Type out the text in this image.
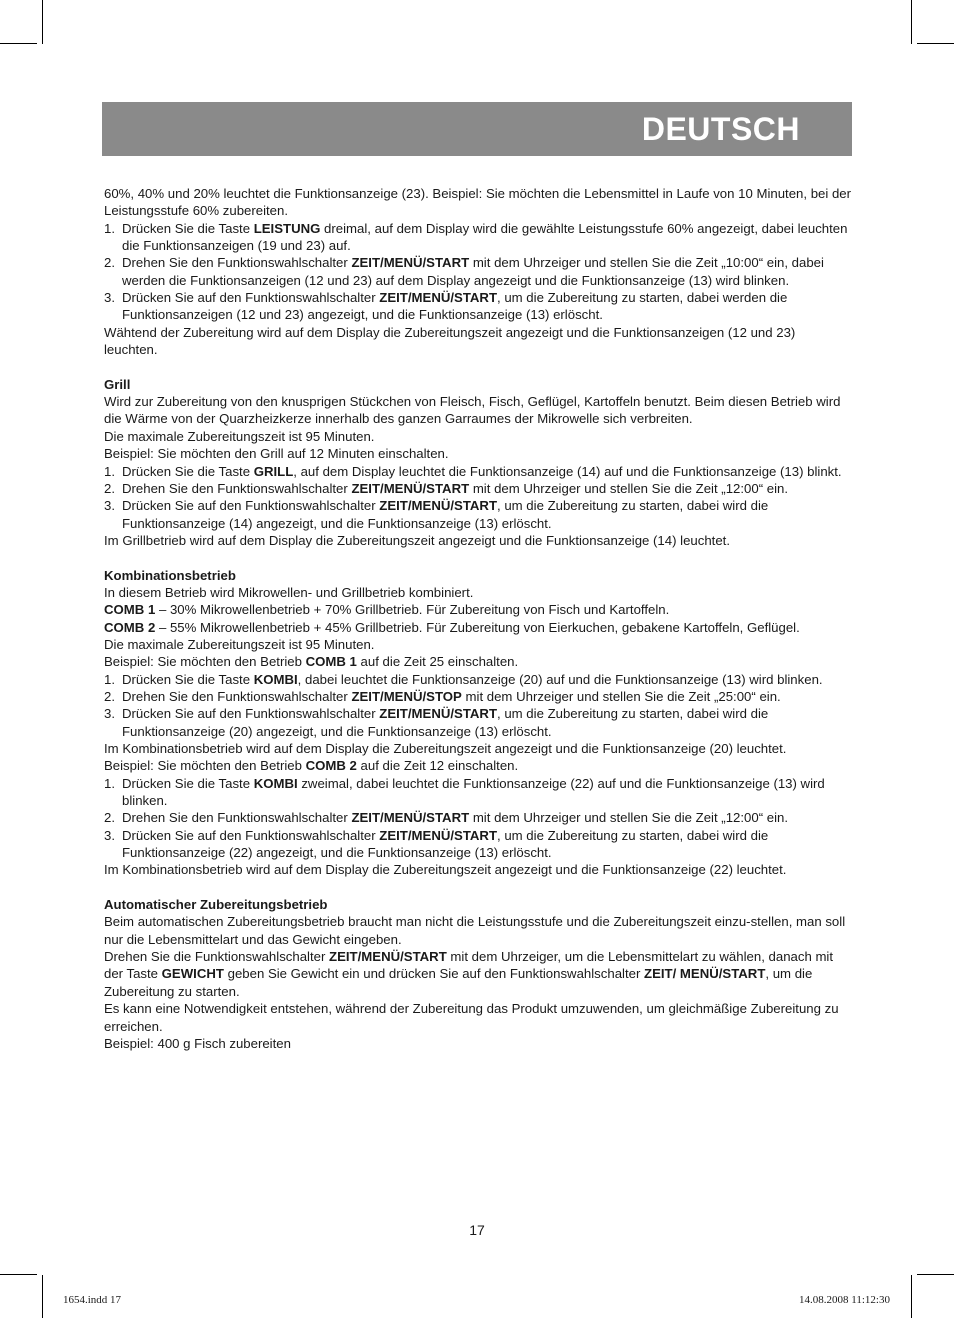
DEUTSCH

60%, 40% und 20% leuchtet die Funktionsanzeige (23). Beispiel: Sie möchten die Lebensmittel in Laufe von 10 Minuten, bei der Leistungsstufe 60% zubereiten.

1. Drücken Sie die Taste LEISTUNG dreimal, auf dem Display wird die gewählte Leistungsstufe 60% angezeigt, dabei leuchten die Funktionsanzeigen (19 und 23) auf.
2. Drehen Sie den Funktionswahlschalter ZEIT/MENÜ/START mit dem Uhrzeiger und stellen Sie die Zeit „10:00“ ein, dabei werden die Funktionsanzeigen (12 und 23) auf dem Display angezeigt und die Funktionsanzeige (13) wird blinken.
3. Drücken Sie auf den Funktionswahlschalter ZEIT/MENÜ/START, um die Zubereitung zu starten, dabei werden die Funktionsanzeigen (12 und 23) angezeigt, und die Funktionsanzeige (13) erlöscht.

Wähtend der Zubereitung wird auf dem Display die Zubereitungszeit angezeigt und die Funktionsanzeigen (12 und 23) leuchten.

Grill

Wird zur Zubereitung von den knusprigen Stückchen von Fleisch, Fisch, Geflügel, Kartoffeln benutzt. Beim diesen Betrieb wird die Wärme von der Quarzheizkerze innerhalb des ganzen Garraumes der Mikrowelle sich verbreiten.

Die maximale Zubereitungszeit ist 95 Minuten.

Beispiel: Sie möchten den Grill auf 12 Minuten einschalten.

1. Drücken Sie die Taste GRILL, auf dem Display leuchtet die Funktionsanzeige (14) auf und die Funktionsanzeige (13) blinkt.
2. Drehen Sie den Funktionswahlschalter ZEIT/MENÜ/START mit dem Uhrzeiger und stellen Sie die Zeit „12:00“ ein.
3. Drücken Sie auf den Funktionswahlschalter ZEIT/MENÜ/START, um die Zubereitung zu starten, dabei wird die Funktionsanzeige (14) angezeigt, und die Funktionsanzeige (13) erlöscht.

Im Grillbetrieb wird auf dem Display die Zubereitungszeit angezeigt und die Funktionsanzeige (14) leuchtet.

Kombinationsbetrieb

In diesem Betrieb wird Mikrowellen- und Grillbetrieb kombiniert.

COMB 1 – 30% Mikrowellenbetrieb + 70% Grillbetrieb. Für Zubereitung von Fisch und Kartoffeln.

COMB 2 – 55% Mikrowellenbetrieb + 45% Grillbetrieb. Für Zubereitung von Eierkuchen, gebakene Kartoffeln, Geflügel.

Die maximale Zubereitungszeit ist 95 Minuten.

Beispiel: Sie möchten den Betrieb COMB 1 auf die Zeit 25 einschalten.

1. Drücken Sie die Taste KOMBI, dabei leuchtet die Funktionsanzeige (20) auf und die Funktionsanzeige (13) wird blinken.
2. Drehen Sie den Funktionswahlschalter ZEIT/MENÜ/STOP mit dem Uhrzeiger und stellen Sie die Zeit „25:00“ ein.
3. Drücken Sie auf den Funktionswahlschalter ZEIT/MENÜ/START, um die Zubereitung zu starten, dabei wird die Funktionsanzeige (20) angezeigt, und die Funktionsanzeige (13) erlöscht.

Im Kombinationsbetrieb wird auf dem Display die Zubereitungszeit angezeigt und die Funktionsanzeige (20) leuchtet.

Beispiel: Sie möchten den Betrieb COMB 2 auf die Zeit 12 einschalten.

1. Drücken Sie die Taste KOMBI zweimal, dabei leuchtet die Funktionsanzeige (22) auf und die Funktionsanzeige (13) wird blinken.
2. Drehen Sie den Funktionswahlschalter ZEIT/MENÜ/START mit dem Uhrzeiger und stellen Sie die Zeit „12:00“ ein.
3. Drücken Sie auf den Funktionswahlschalter ZEIT/MENÜ/START, um die Zubereitung zu starten, dabei wird die Funktionsanzeige (22) angezeigt, und die Funktionsanzeige (13) erlöscht.

Im Kombinationsbetrieb wird auf dem Display die Zubereitungszeit angezeigt und die Funktionsanzeige (22) leuchtet.

Automatischer Zubereitungsbetrieb

Beim automatischen Zubereitungsbetrieb braucht man nicht die Leistungsstufe und die Zubereitungszeit einzu-stellen, man soll nur die Lebensmittelart und das Gewicht eingeben.

Drehen Sie die Funktionswahlschalter ZEIT/MENÜ/START mit dem Uhrzeiger, um die Lebensmittelart zu wählen, danach mit der Taste GEWICHT geben Sie Gewicht ein und drücken Sie auf den Funktionswahlschalter ZEIT/ MENÜ/START, um die Zubereitung zu starten.

Es kann eine Notwendigkeit entstehen, während der Zubereitung das Produkt umzuwenden, um gleichmäßige Zubereitung zu erreichen.

Beispiel: 400 g Fisch zubereiten

17
1654.indd 17	14.08.2008 11:12:30
